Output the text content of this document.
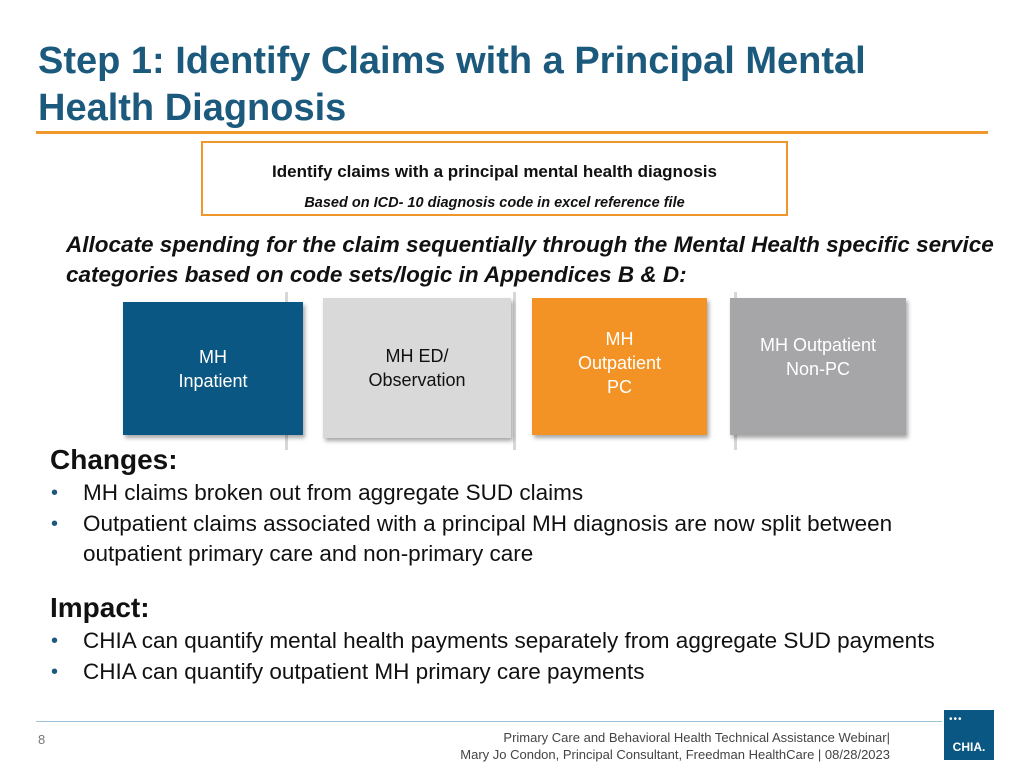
Step 1: Identify Claims with a Principal Mental Health Diagnosis
Identify claims with a principal mental health diagnosis
Based on ICD- 10 diagnosis code in excel reference file
Allocate spending for the claim sequentially through the Mental Health specific service categories based on code sets/logic in Appendices B & D:
MH
Inpatient
MH ED/
Observation
MH
Outpatient
PC
MH Outpatient
Non-PC
Changes:
• MH claims broken out from aggregate SUD claims
• Outpatient claims associated with a principal MH diagnosis are now split between outpatient primary care and non-primary care
Impact:
• CHIA can quantify mental health payments separately from aggregate SUD payments
• CHIA can quantify outpatient MH primary care payments
8	Primary Care and Behavioral Health Technical Assistance Webinar|
Mary Jo Condon, Principal Consultant, Freedman HealthCare | 08/28/2023
•••
CHIA.
